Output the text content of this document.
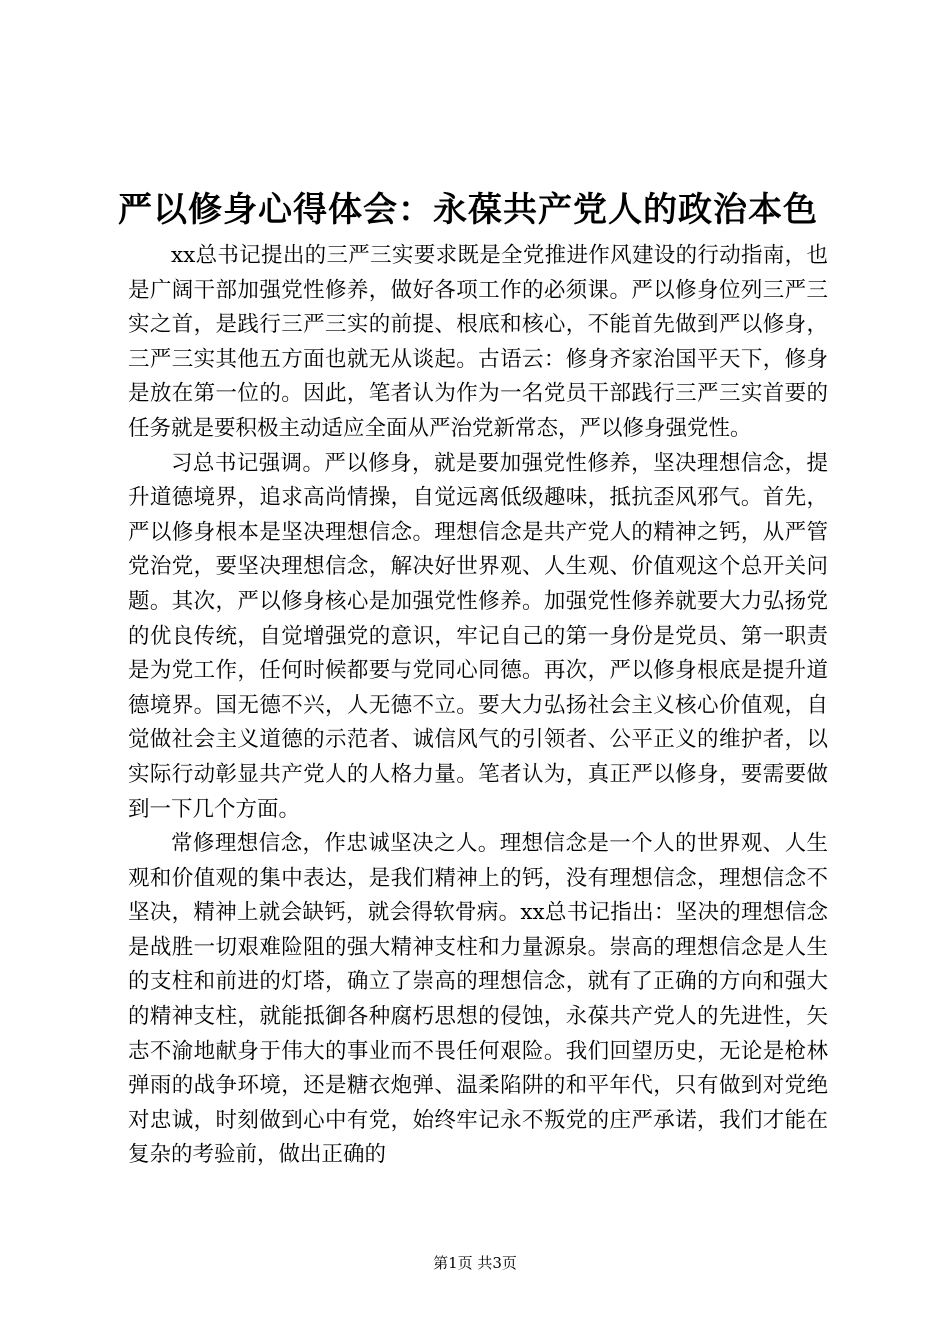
严以修身心得体会：永葆共产党人的政治本色

xx总书记提出的三严三实要求既是全党推进作风建设的行动指南，也是广阔干部加强党性修养，做好各项工作的必须课。严以修身位列三严三实之首，是践行三严三实的前提、根底和核心，不能首先做到严以修身，三严三实其他五方面也就无从谈起。古语云：修身齐家治国平天下，修身是放在第一位的。因此，笔者认为作为一名党员干部践行三严三实首要的任务就是要积极主动适应全面从严治党新常态，严以修身强党性。

习总书记强调。严以修身，就是要加强党性修养，坚决理想信念，提升道德境界，追求高尚情操，自觉远离低级趣味，抵抗歪风邪气。首先，严以修身根本是坚决理想信念。理想信念是共产党人的精神之钙，从严管党治党，要坚决理想信念，解决好世界观、人生观、价值观这个总开关问题。其次，严以修身核心是加强党性修养。加强党性修养就要大力弘扬党的优良传统，自觉增强党的意识，牢记自己的第一身份是党员、第一职责是为党工作，任何时候都要与党同心同德。再次，严以修身根底是提升道德境界。国无德不兴，人无德不立。要大力弘扬社会主义核心价值观，自觉做社会主义道德的示范者、诚信风气的引领者、公平正义的维护者，以实际行动彰显共产党人的人格力量。笔者认为，真正严以修身，要需要做到一下几个方面。

常修理想信念，作忠诚坚决之人。理想信念是一个人的世界观、人生观和价值观的集中表达，是我们精神上的钙，没有理想信念，理想信念不坚决，精神上就会缺钙，就会得软骨病。xx总书记指出：坚决的理想信念是战胜一切艰难险阻的强大精神支柱和力量源泉。崇高的理想信念是人生的支柱和前进的灯塔，确立了崇高的理想信念，就有了正确的方向和强大的精神支柱，就能抵御各种腐朽思想的侵蚀，永葆共产党人的先进性，矢志不渝地献身于伟大的事业而不畏任何艰险。我们回望历史，无论是枪林弹雨的战争环境，还是糖衣炮弹、温柔陷阱的和平年代，只有做到对党绝对忠诚，时刻做到心中有党，始终牢记永不叛党的庄严承诺，我们才能在复杂的考验前，做出正确的

第1页 共3页
